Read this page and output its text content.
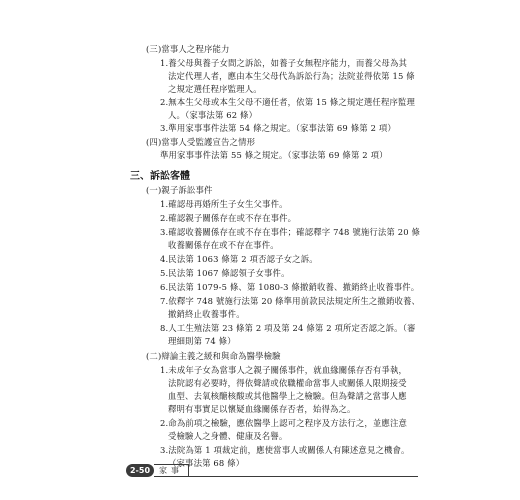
(三)當事人之程序能力
1.養父母與養子女間之訴訟，如養子女無程序能力，而養父母為其
法定代理人者，應由本生父母代為訴訟行為；法院並得依第 15 條
之規定選任程序監理人。
2.無本生父母或本生父母不適任者，依第 15 條之規定選任程序監理
人。（家事法第 62 條）
3.準用家事事件法第 54 條之規定。（家事法第 69 條第 2 項）
(四)當事人受監護宣告之情形
準用家事事件法第 55 條之規定。（家事法第 69 條第 2 項）
三、訴訟客體
(一)親子訴訟事件
1.確認母再婚所生子女生父事件。
2.確認親子關係存在或不存在事件。
3.確認收養關係存在或不存在事件；確認釋字 748 號施行法第 20 條
收養關係存在或不存在事件。
4.民法第 1063 條第 2 項否認子女之訴。
5.民法第 1067 條認領子女事件。
6.民法第 1079-5 條、第 1080-3 條撤銷收養、撤銷終止收養事件。
7.依釋字 748 號施行法第 20 條準用前款民法規定所生之撤銷收養、
撤銷終止收養事件。
8.人工生殖法第 23 條第 2 項及第 24 條第 2 項所定否認之訴。（審
理細則第 74 條）
(二)辯論主義之緩和與命為醫學檢驗
1.未成年子女為當事人之親子關係事件，就血緣關係存否有爭執，
法院認有必要時，得依聲請或依職權命當事人或關係人限期接受
血型、去氧核醣核酸或其他醫學上之檢驗。但為聲請之當事人應
釋明有事實足以懷疑血緣關係存否者，始得為之。
2.命為前項之檢驗，應依醫學上認可之程序及方法行之，並應注意
受檢驗人之身體、健康及名譽。
3.法院為第 1 項裁定前，應使當事人或關係人有陳述意見之機會。
（家事法第 68 條）
2-50	家事
